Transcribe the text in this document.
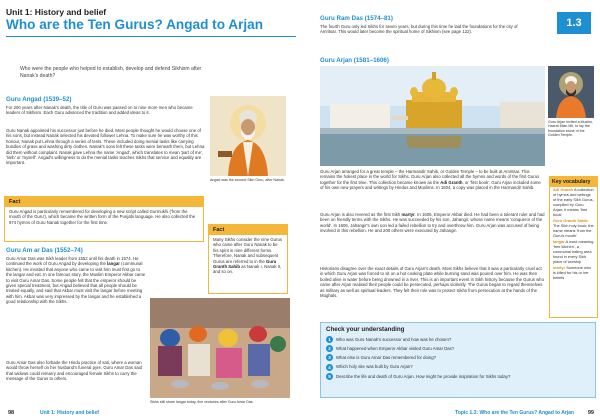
Unit 1: History and belief
Who are the Ten Gurus? Angad to Arjan
Who were the people who helped to establish, develop and defend Sikhism after Nanak's death?
Guru Angad (1539–52)
For 200 years after Nanak's death, the title of Guru was passed on to nine more men who became leaders of Sikhism. Each Guru advanced the tradition and added ideas to it.
Guru Nanak appointed his successor just before he died. Most people thought he would choose one of his sons, but instead Nanak selected his devoted follower Lehna. To make sure he was worthy of this honour, Nanak put Lehna through a series of tests. These included doing menial tasks like carrying bundles of grass and washing dirty clothes. Nanak's sons felt these tasks were beneath them, but Lehna did them without complaint. Nanak gave Lehna the name 'Angad', which translates to mean 'part of me', 'limb' or 'myself'. Angad's willingness to do the menial tasks teaches Sikhs that service and equality are important.
Angad was the second Sikh Guru, after Nanak.
Fact
Guru Angad is particularly remembered for developing a new script called Gurmukhi ('from the mouth of the Guru'), which became the written form of the Punjabi language. He also collected the 974 hymns of Guru Nanak together for the first time.
Guru Am ar Das (1552–74)
Guru Amar Das was Sikh leader from 1552 until his death in 1574. He continued the work of Guru Angad by developing the langar (communal kitchen). He insisted that anyone who came to visit him must first go to the langar and eat. In one famous story, the Muslim Emperor Akbar came to visit Guru Amar Das. Some people felt that the emperor should be given special treatment, but Angad believed that all people should be treated equally, and said that Akbar must visit the langar before meeting with him. Akbar was very impressed by the langar and he established a good relationship with the Sikhs.
Guru Amar Das also forbade the Hindu practice of sati, where a woman would throw herself on her husband's funeral pyre. Guru Amar Das said that widows could remarry and encouraged female Sikhs to carry the message of the Gurus to others.
Fact
Many Sikhs consider the nine Gurus who came after Guru Nanak to be his spirit in nine different forms. Therefore, Nanak and subsequent Gurus are referred to in the Guru Granth Sahib as Nanak I, Nanak II, and so on.
Sikhs still share langar today, five centuries after Guru Amar Das.
98	Unit 1: History and belief
Guru Ram Das (1574–81)
The fourth Guru only led Sikhs for seven years, but during this time he laid the foundations for the city of Amritsar. This would later become the spiritual home of Sikhism (see page 122).
1.3
Guru Arjan (1581–1606)
Guru Arjan invited a Muslim, Hazrat Mian Mir, to lay the foundation stone of the Golden Temple.
Guru Arjan arranged for a great temple – the Harmandir Sahib, or Golden Temple – to be built at Amritsar. This remains the holiest place in the world for Sikhs. Guru Arjan also collected all the hymns and words of the first Gurus together for the first time. This collection became known as the Adi Granth, or 'first book'. Guru Arjan included some of his own new prayers and writings by Hindus and Muslims. In 1604, a copy was placed in the Harmandir Sahib.
Guru Arjan is also revered as the first Sikh martyr. In 1605, Emperor Akbar died. He had been a tolerant ruler and had been on friendly terms with the Sikhs. He was succeeded by his son, Jahangir, whose name means 'conqueror of the world'. In 1606, Jahangir's own son led a failed rebellion to try and overthrow him. Guru Arjan was accused of being involved in this rebellion. He and 200 others were executed by Jahangir.
Historians disagree over the exact details of Guru Arjan's death. Most Sikhs believe that it was a particularly cruel act in which Guru Arjan was forced to sit on a hot cooking plate while burning sand was poured over him. He was then boiled alive in water before being drowned in a river. This is an important event in Sikh history because the Gurus who came after Arjan realised their people could be persecuted, perhaps violently. The Gurus began to regard themselves as military as well as spiritual leaders. They felt their role was to protect Sikhs from persecution at the hands of the Mughals.
Key vocabulary
Adi Granth A collection of hymns and writings of the early Sikh Gurus, compiled by Guru Arjan; it means 'first book'
Guru Granth Sahib The Sikh holy book; the name means 'from the Guru's mouth'
langar A word meaning 'free kitchen', a communal eating area found in every Sikh place of worship
martyr Someone who is killed for his or her beliefs
Check your understanding
1	Who was Guru Nanak's successor and how was he chosen?
2	What happened when Emperor Akbar visited Guru Amar Das?
3	What else is Guru Amar Das remembered for doing?
4	Which holy site was built by Guru Arjan?
5	Describe the life and death of Guru Arjan. How might he provide inspiration for Sikhs today?
Topic 1.3: Who are the Ten Gurus? Angad to Arjan	99
